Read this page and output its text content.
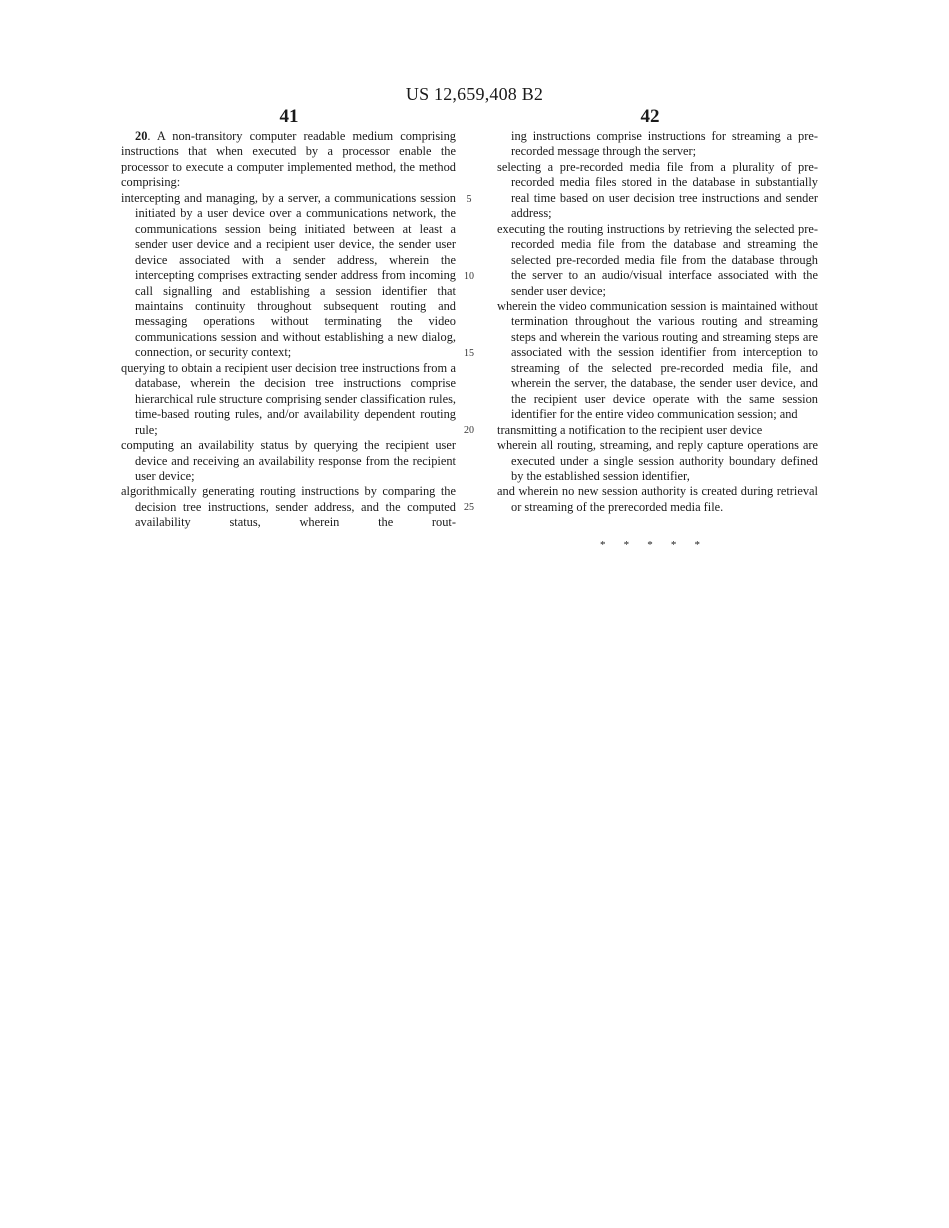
US 12,659,408 B2
41	42

20. A non-transitory computer readable medium comprising instructions that when executed by a processor enable the processor to execute a computer implemented method, the method comprising:

intercepting and managing, by a server, a communications session initiated by a user device over a communications network, the communications session being initiated between at least a sender user device and a recipient user device, the sender user device associated with a sender address, wherein the intercepting comprises extracting sender address from incoming call signalling and establishing a session identifier that maintains continuity throughout subsequent routing and messaging operations without terminating the video communications session and without establishing a new dialog, connection, or security context;

querying to obtain a recipient user decision tree instructions from a database, wherein the decision tree instructions comprise hierarchical rule structure comprising sender classification rules, time-based routing rules, and/or availability dependent routing rule;

computing an availability status by querying the recipient user device and receiving an availability response from the recipient user device;

algorithmically generating routing instructions by comparing the decision tree instructions, sender address, and the computed availability status, wherein the rout-

5
10
15
20
25

ing instructions comprise instructions for streaming a pre-recorded message through the server;

selecting a pre-recorded media file from a plurality of pre-recorded media files stored in the database in substantially real time based on user decision tree instructions and sender address;

executing the routing instructions by retrieving the selected pre-recorded media file from the database and streaming the selected pre-recorded media file from the database through the server to an audio/visual interface associated with the sender user device;

wherein the video communication session is maintained without termination throughout the various routing and streaming steps and wherein the various routing and streaming steps are associated with the session identifier from interception to streaming of the selected pre-recorded media file, and wherein the server, the database, the sender user device, and the recipient user device operate with the same session identifier for the entire video communication session; and

transmitting a notification to the recipient user device

wherein all routing, streaming, and reply capture operations are executed under a single session authority boundary defined by the established session identifier,

and wherein no new session authority is created during retrieval or streaming of the prerecorded media file.

* * * * *
